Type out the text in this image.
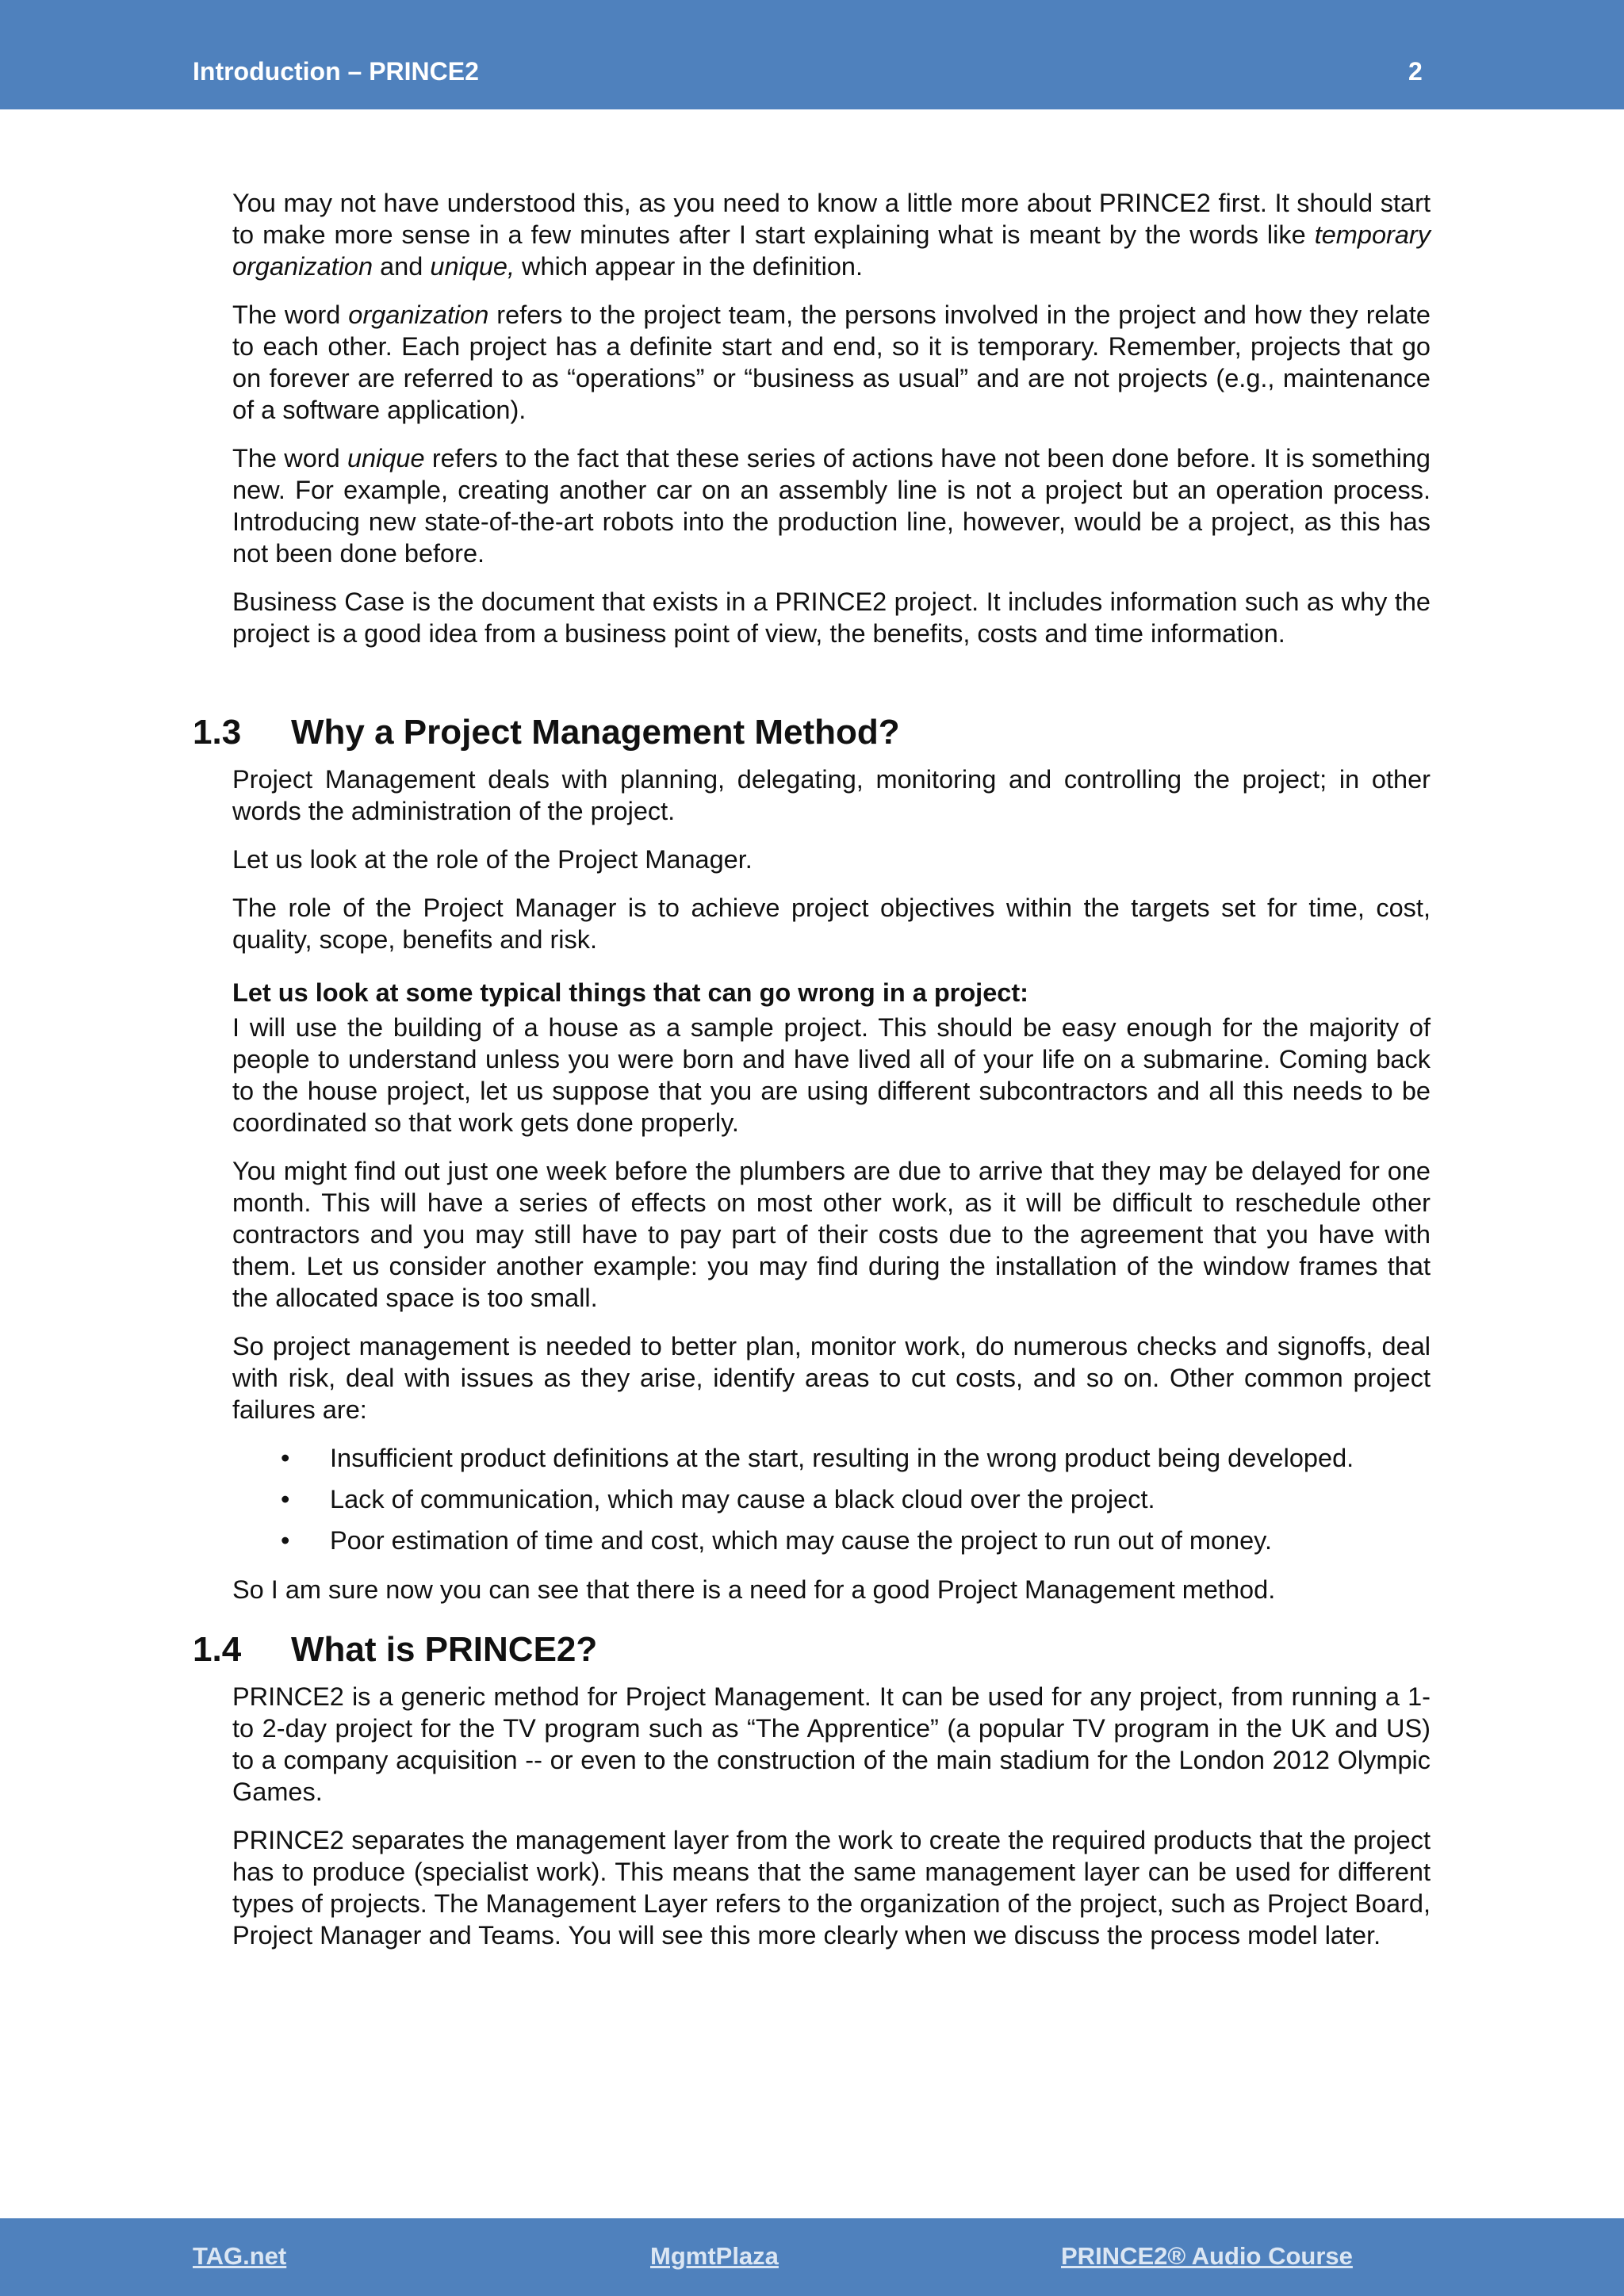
Introduction – PRINCE2	2

You may not have understood this, as you need to know a little more about PRINCE2 first. It should start to make more sense in a few minutes after I start explaining what is meant by the words like temporary organization and unique, which appear in the definition.

The word organization refers to the project team, the persons involved in the project and how they relate to each other. Each project has a definite start and end, so it is temporary. Remember, projects that go on forever are referred to as “operations” or “business as usual” and are not projects (e.g., maintenance of a software application).

The word unique refers to the fact that these series of actions have not been done before. It is something new. For example, creating another car on an assembly line is not a project but an operation process. Introducing new state-of-the-art robots into the production line, however, would be a project, as this has not been done before.

Business Case is the document that exists in a PRINCE2 project. It includes information such as why the project is a good idea from a business point of view, the benefits, costs and time information.

1.3 Why a Project Management Method?

Project Management deals with planning, delegating, monitoring and controlling the project; in other words the administration of the project.

Let us look at the role of the Project Manager.

The role of the Project Manager is to achieve project objectives within the targets set for time, cost, quality, scope, benefits and risk.

Let us look at some typical things that can go wrong in a project:

I will use the building of a house as a sample project. This should be easy enough for the majority of people to understand unless you were born and have lived all of your life on a submarine. Coming back to the house project, let us suppose that you are using different subcontractors and all this needs to be coordinated so that work gets done properly.

You might find out just one week before the plumbers are due to arrive that they may be delayed for one month. This will have a series of effects on most other work, as it will be difficult to reschedule other contractors and you may still have to pay part of their costs due to the agreement that you have with them. Let us consider another example: you may find during the installation of the window frames that the allocated space is too small.

So project management is needed to better plan, monitor work, do numerous checks and signoffs, deal with risk, deal with issues as they arise, identify areas to cut costs, and so on. Other common project failures are:

• Insufficient product definitions at the start, resulting in the wrong product being developed.
• Lack of communication, which may cause a black cloud over the project.
• Poor estimation of time and cost, which may cause the project to run out of money.

So I am sure now you can see that there is a need for a good Project Management method.

1.4 What is PRINCE2?

PRINCE2 is a generic method for Project Management. It can be used for any project, from running a 1- to 2-day project for the TV program such as “The Apprentice” (a popular TV program in the UK and US) to a company acquisition -- or even to the construction of the main stadium for the London 2012 Olympic Games.

PRINCE2 separates the management layer from the work to create the required products that the project has to produce (specialist work). This means that the same management layer can be used for different types of projects. The Management Layer refers to the organization of the project, such as Project Board, Project Manager and Teams. You will see this more clearly when we discuss the process model later.

TAG.net	MgmtPlaza	PRINCE2® Audio Course
